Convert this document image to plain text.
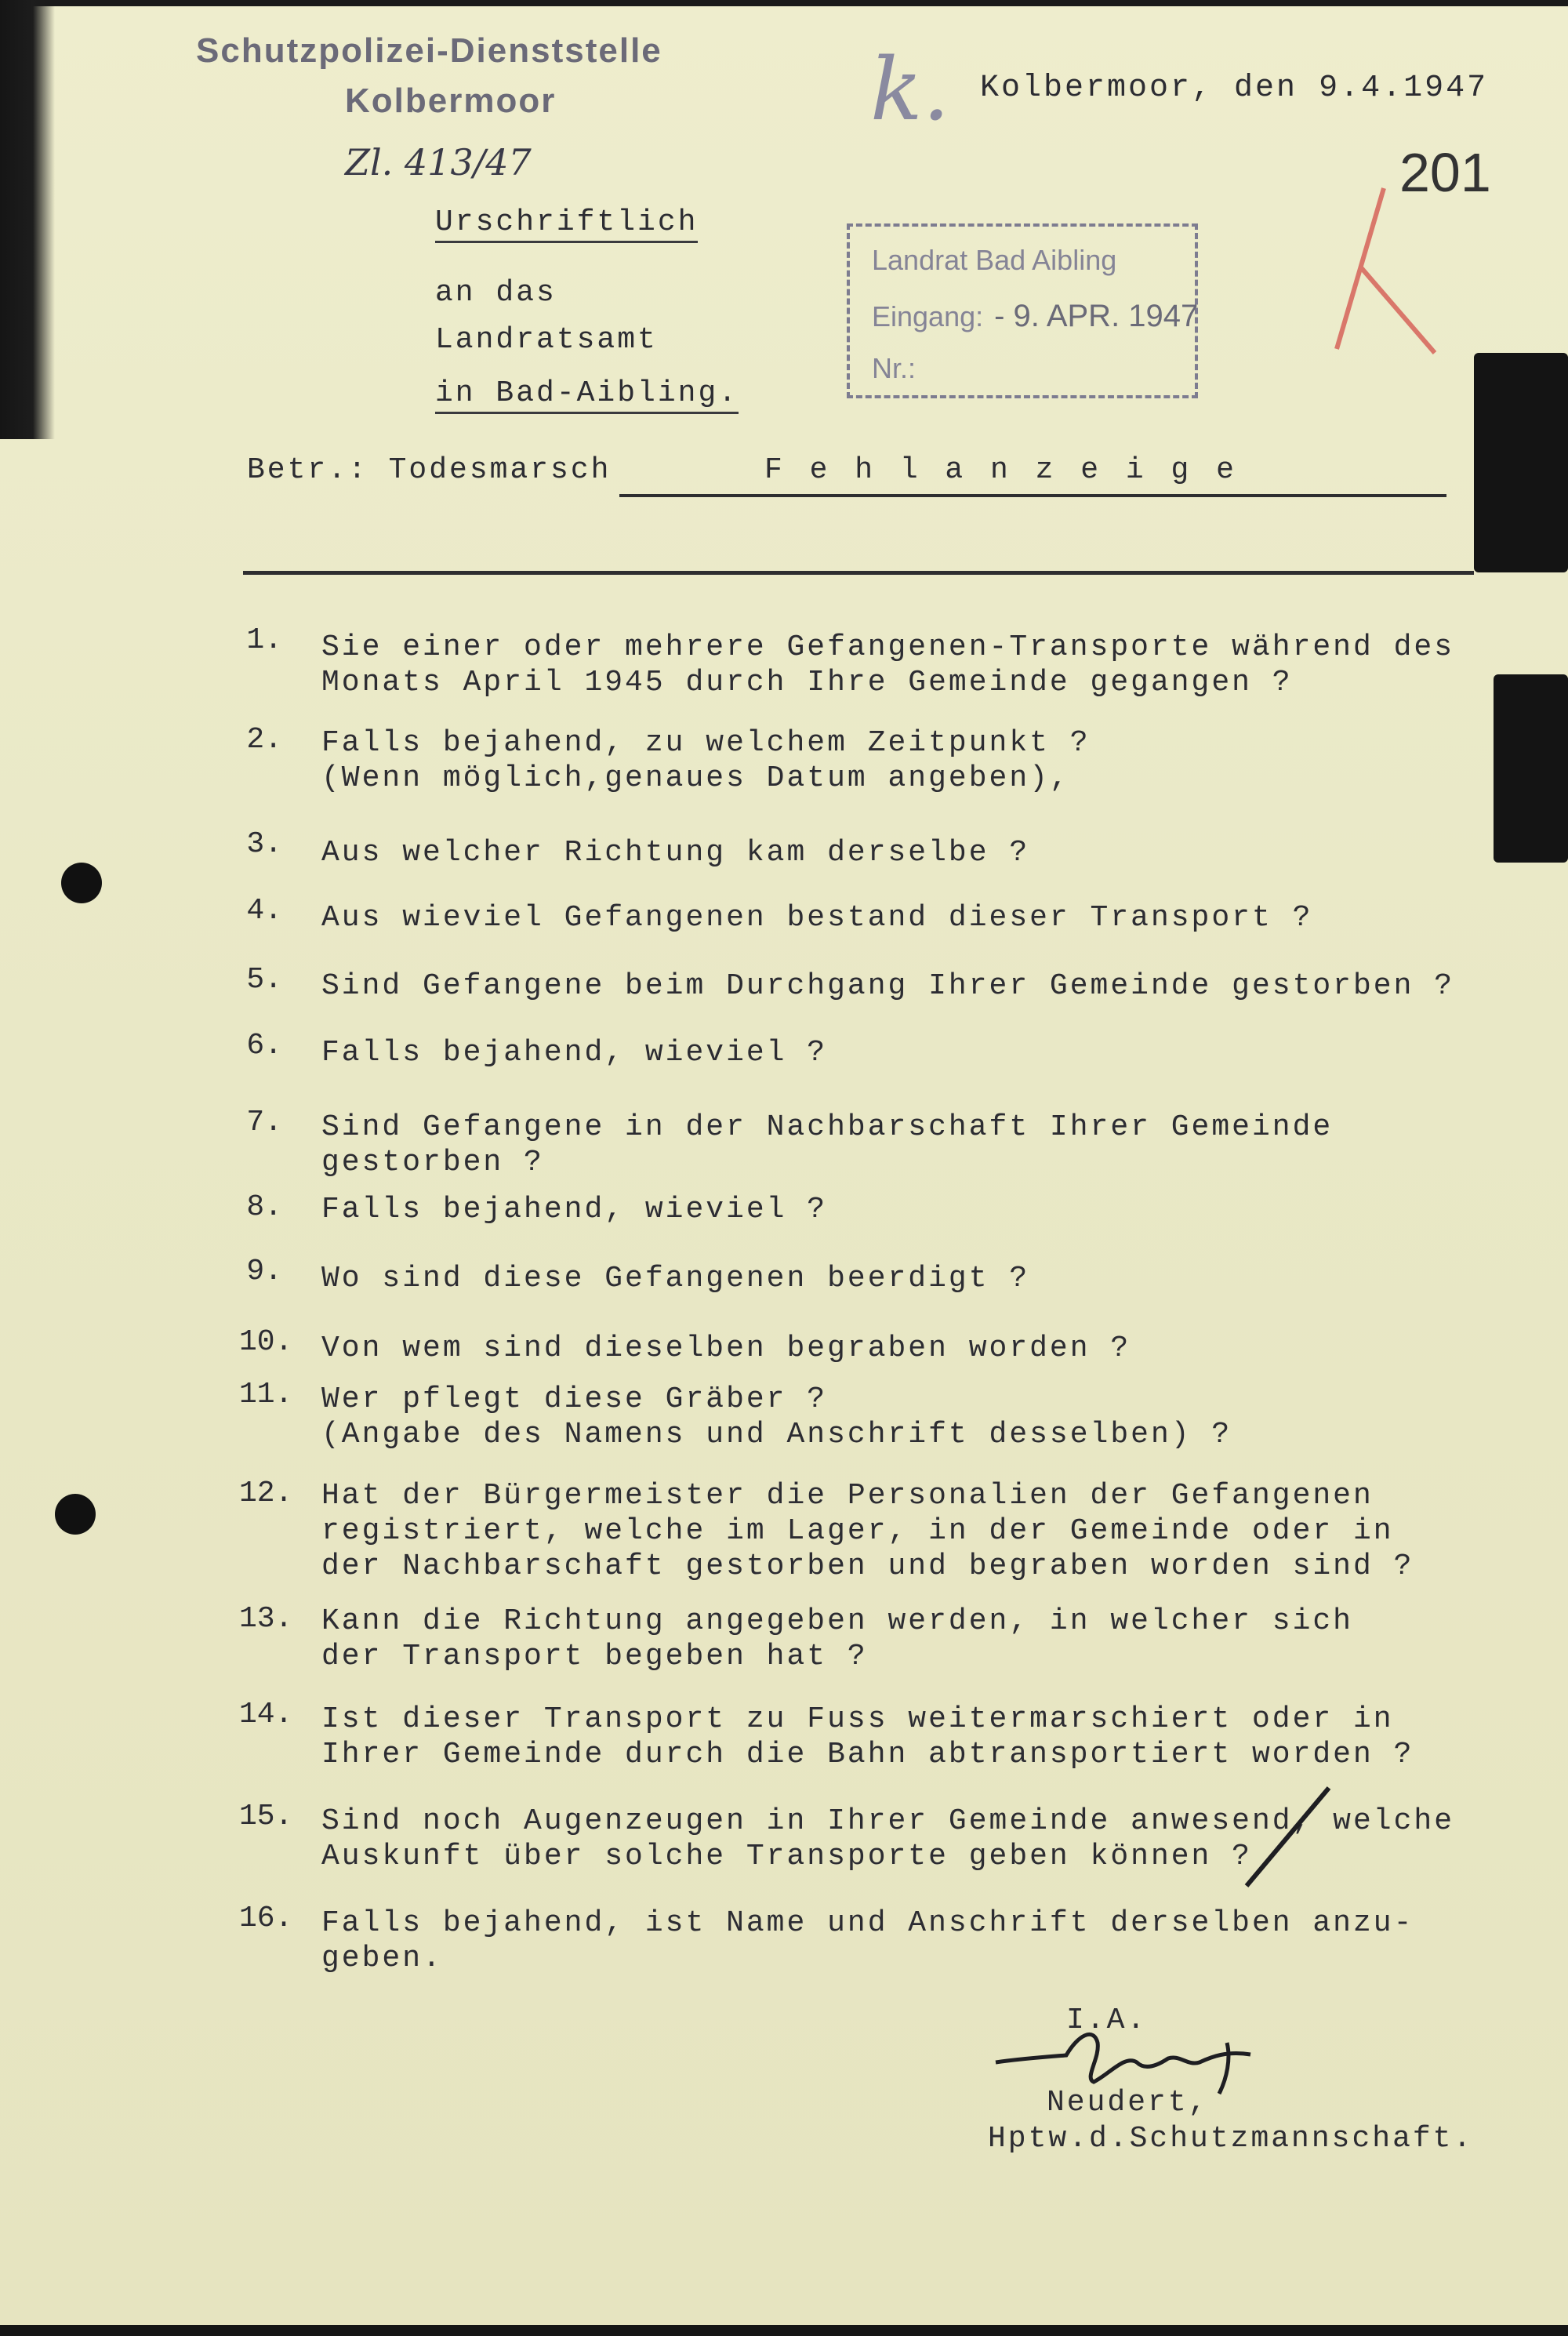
Schutzpolizei-Dienststelle
Kolbermoor
Zl. 413/47
k. Kolbermoor, den 9.4.1947
201
Landrat Bad Aibling
Eingang: - 9. APR. 1947
Nr.:
Urschriftlich
an das
Landratsamt
in Bad-Aibling.
Betr.: Todesmarsch	F e h l a n z e i g e
1. Sie einer oder mehrere Gefangenen-Transporte während des
Monats April 1945 durch Ihre Gemeinde gegangen ?
2. Falls bejahend, zu welchem Zeitpunkt ?
(Wenn möglich,genaues Datum angeben),
3. Aus welcher Richtung kam derselbe ?
4. Aus wieviel Gefangenen bestand dieser Transport ?
5. Sind Gefangene beim Durchgang Ihrer Gemeinde gestorben ?
6. Falls bejahend, wieviel ?
7. Sind Gefangene in der Nachbarschaft Ihrer Gemeinde
gestorben ?
8. Falls bejahend, wieviel ?
9. Wo sind diese Gefangenen beerdigt ?
10. Von wem sind dieselben begraben worden ?
11. Wer pflegt diese Gräber ?
(Angabe des Namens und Anschrift desselben) ?
12. Hat der Bürgermeister die Personalien der Gefangenen
registriert, welche im Lager, in der Gemeinde oder in
der Nachbarschaft gestorben und begraben worden sind ?
13. Kann die Richtung angegeben werden, in welcher sich
der Transport begeben hat ?
14. Ist dieser Transport zu Fuss weitermarschiert oder in
Ihrer Gemeinde durch die Bahn abtransportiert worden ?
15. Sind noch Augenzeugen in Ihrer Gemeinde anwesend, welche
Auskunft über solche Transporte geben können ?
16. Falls bejahend, ist Name und Anschrift derselben anzu-
geben.
I.A.
Neudert,
Hptw.d.Schutzmannschaft.
